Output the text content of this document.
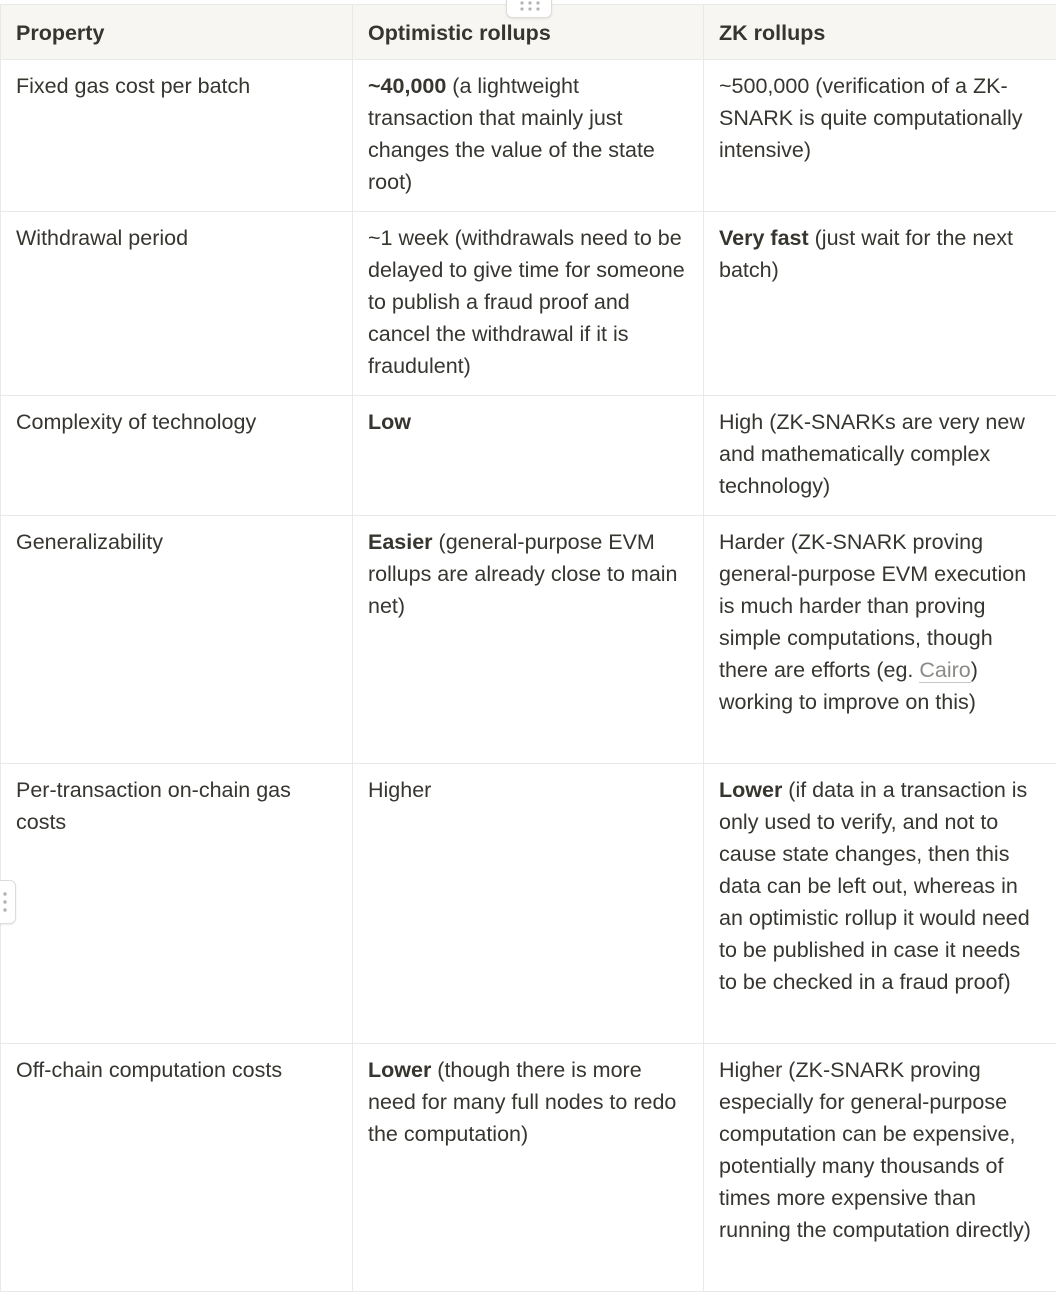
Property	Optimistic rollups	ZK rollups
Fixed gas cost per batch	~40,000 (a lightweight transaction that mainly just changes the value of the state root)	~500,000 (verification of a ZK-SNARK is quite computationally intensive)
Withdrawal period	~1 week (withdrawals need to be delayed to give time for someone to publish a fraud proof and cancel the withdrawal if it is fraudulent)	Very fast (just wait for the next batch)
Complexity of technology	Low	High (ZK-SNARKs are very new and mathematically complex technology)
Generalizability	Easier (general-purpose EVM rollups are already close to main net)	Harder (ZK-SNARK proving general-purpose EVM execution is much harder than proving simple computations, though there are efforts (eg. Cairo) working to improve on this)
Per-transaction on-chain gas costs	Higher	Lower (if data in a transaction is only used to verify, and not to cause state changes, then this data can be left out, whereas in an optimistic rollup it would need to be published in case it needs to be checked in a fraud proof)
Off-chain computation costs	Lower (though there is more need for many full nodes to redo the computation)	Higher (ZK-SNARK proving especially for general-purpose computation can be expensive, potentially many thousands of times more expensive than running the computation directly)
